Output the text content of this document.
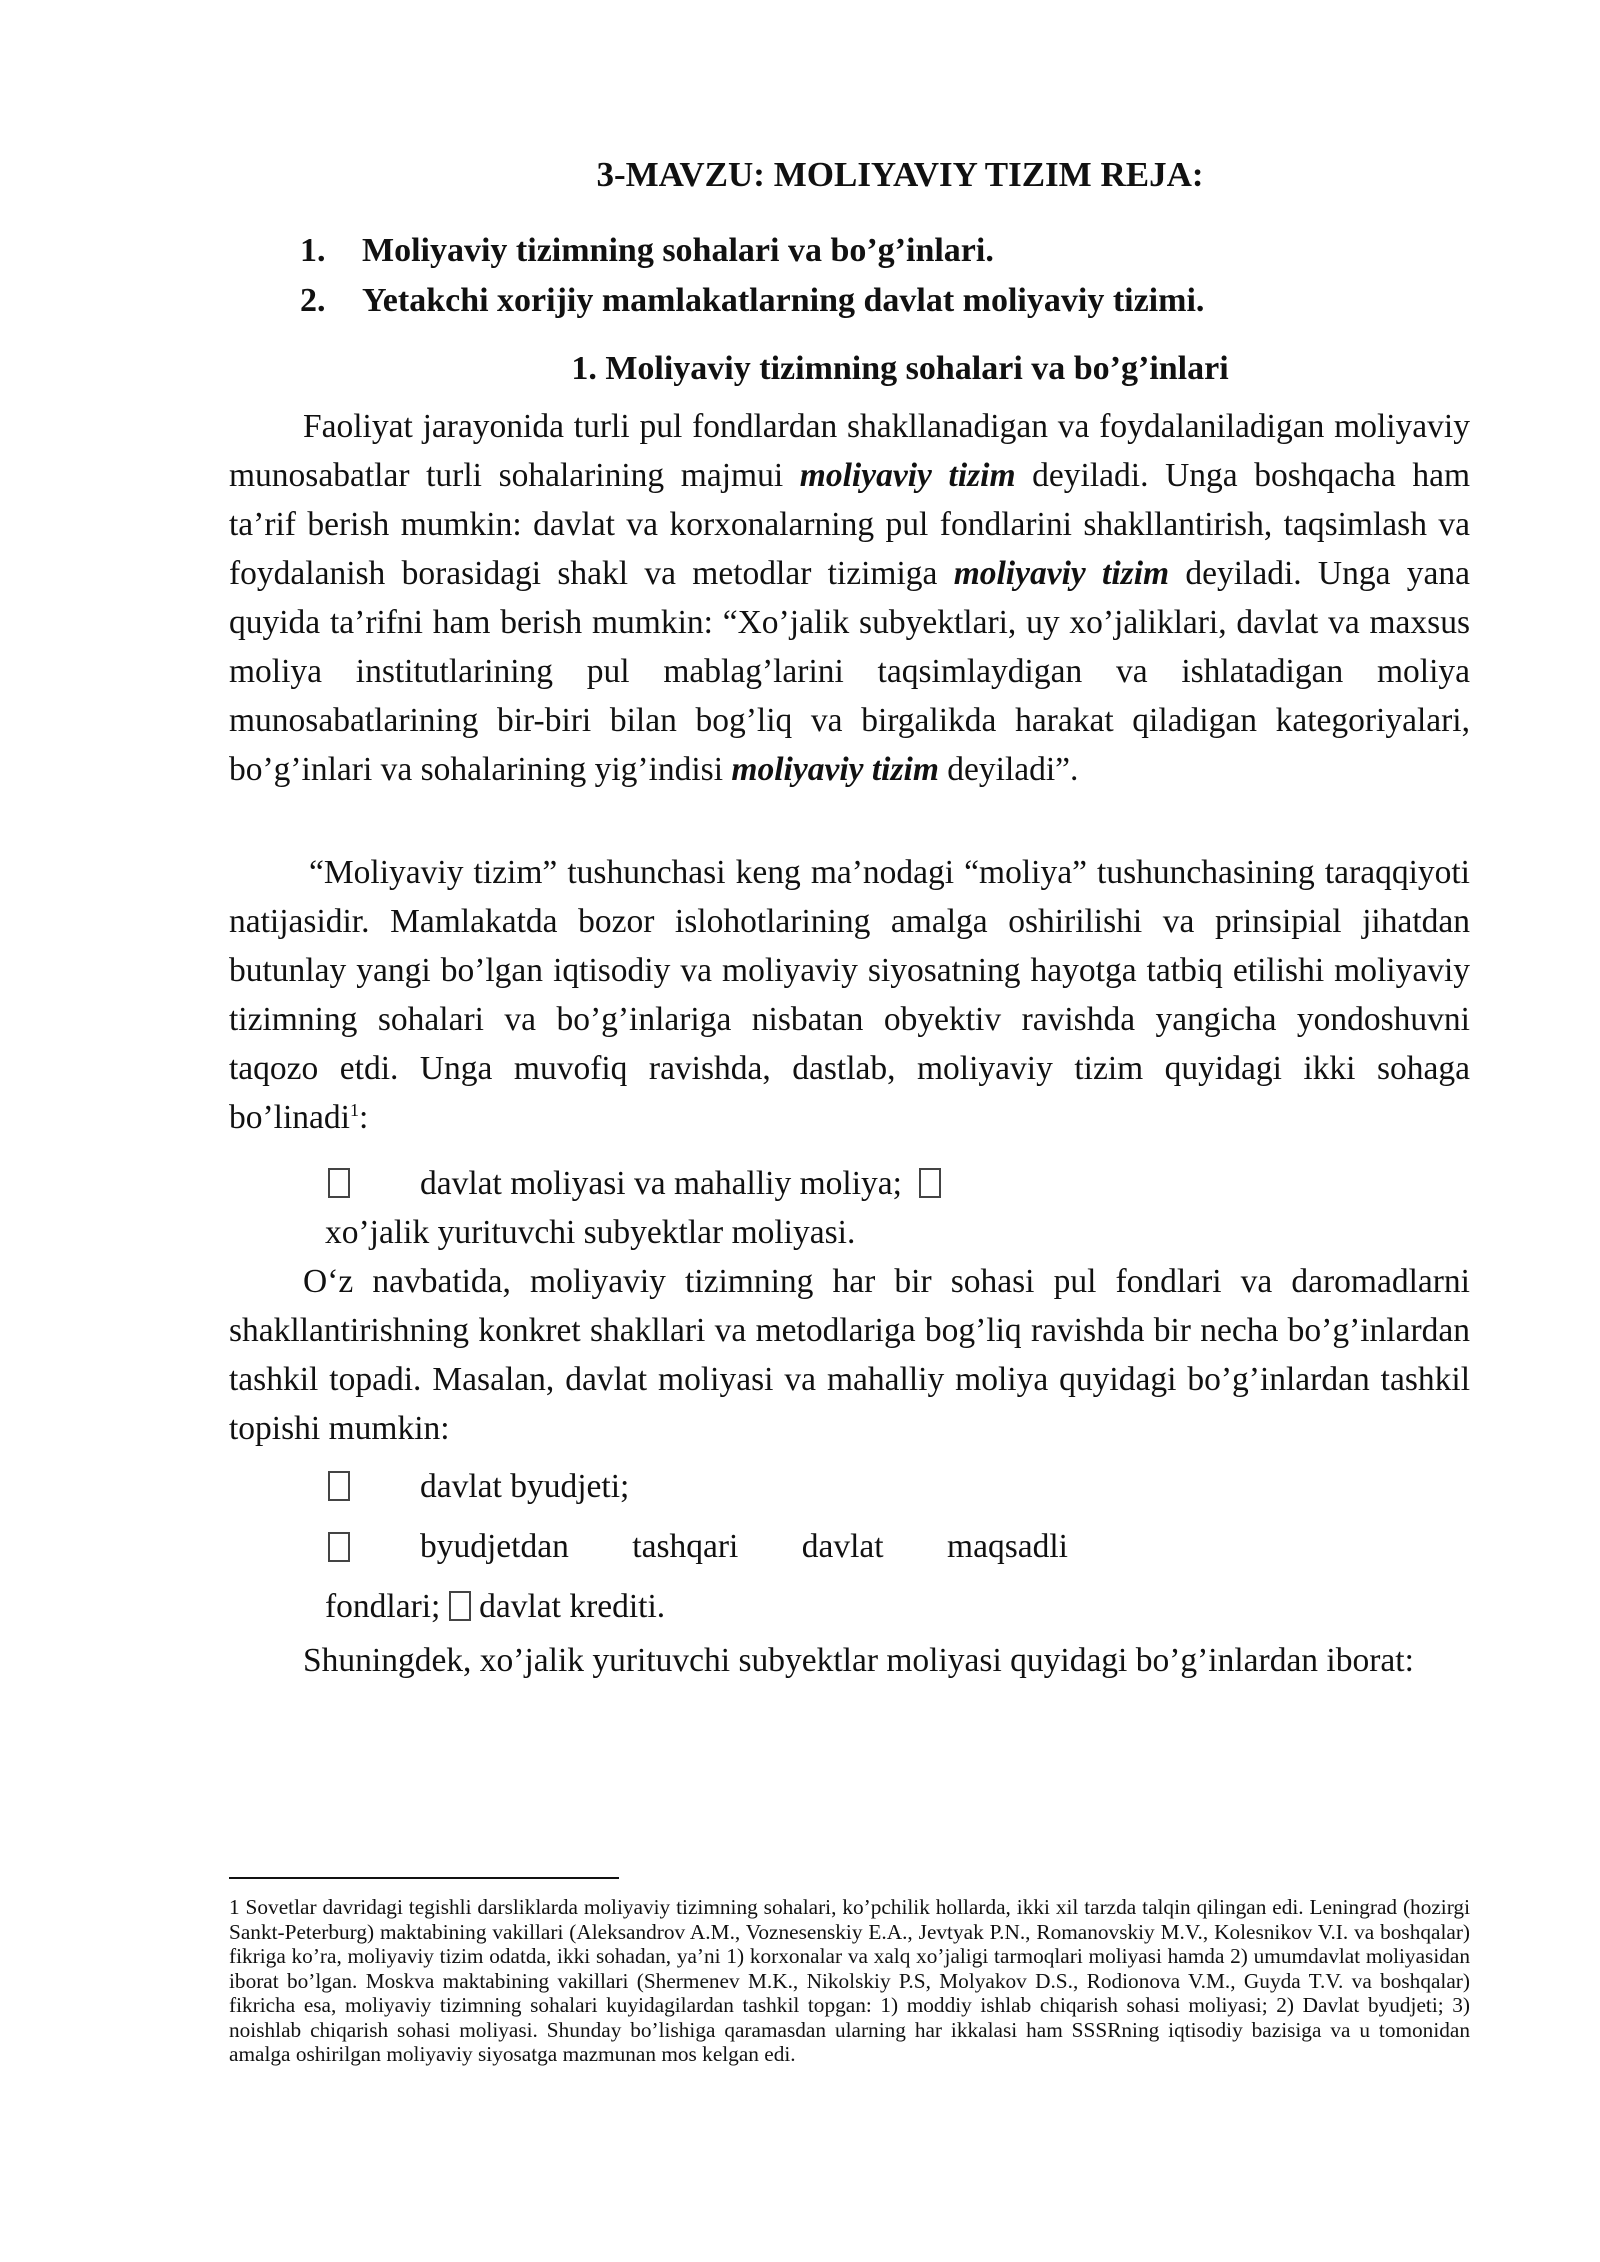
3-MAVZU: MOLIYAVIY TIZIM REJA:
1. Moliyaviy tizimning sohalari va bo’g’inlari.
2. Yetakchi xorijiy mamlakatlarning davlat moliyaviy tizimi.
1. Moliyaviy tizimning sohalari va bo’g’inlari

Faoliyat jarayonida turli pul fondlardan shakllanadigan va foydalaniladigan moliyaviy munosabatlar turli sohalarining majmui moliyaviy tizim deyiladi. Unga boshqacha ham ta’rif berish mumkin: davlat va korxonalarning pul fondlarini shakllantirish, taqsimlash va foydalanish borasidagi shakl va metodlar tizimiga moliyaviy tizim deyiladi. Unga yana quyida ta’rifni ham berish mumkin: “Xo’jalik subyektlari, uy xo’jaliklari, davlat va maxsus moliya institutlarining pul mablag’larini taqsimlaydigan va ishlatadigan moliya munosabatlarining bir-biri bilan bog’liq va birgalikda harakat qiladigan kategoriyalari, bo’g’inlari va sohalarining yig’indisi moliyaviy tizim deyiladi”.

“Moliyaviy tizim” tushunchasi keng ma’nodagi “moliya” tushunchasining taraqqiyoti natijasidir. Mamlakatda bozor islohotlarining amalga oshirilishi va prinsipial jihatdan butunlay yangi bo’lgan iqtisodiy va moliyaviy siyosatning hayotga tatbiq etilishi moliyaviy tizimning sohalari va bo’g’inlariga nisbatan obyektiv ravishda yangicha yondoshuvni taqozo etdi. Unga muvofiq ravishda, dastlab, moliyaviy tizim quyidagi ikki sohaga bo’linadi$^1$:

davlat moliyasi va mahalliy moliya;

xo’jalik yurituvchi subyektlar moliyasi.

O‘z navbatida, moliyaviy tizimning har bir sohasi pul fondlari va daromadlarni shakllantirishning konkret shakllari va metodlariga bog’liq ravishda bir necha bo’g’inlardan tashkil topadi. Masalan, davlat moliyasi va mahalliy moliya quyidagi bo’g’inlardan tashkil topishi mumkin:

davlat byudjeti;

byudjetdan tashqari davlat maqsadli

fondlari; davlat krediti.

Shuningdek, xo’jalik yurituvchi subyektlar moliyasi quyidagi bo’g’inlardan iborat:

1 Sovetlar davridagi tegishli darsliklarda moliyaviy tizimning sohalari, ko’pchilik hollarda, ikki xil tarzda talqin qilingan edi. Leningrad (hozirgi Sankt-Peterburg) maktabining vakillari (Aleksandrov A.M., Voznesenskiy E.A., Jevtyak P.N., Romanovskiy M.V., Kolesnikov V.I. va boshqalar) fikriga ko’ra, moliyaviy tizim odatda, ikki sohadan, ya’ni 1) korxonalar va xalq xo’jaligi tarmoqlari moliyasi hamda 2) umumdavlat moliyasidan iborat bo’lgan. Moskva maktabining vakillari (Shermenev M.K., Nikolskiy P.S, Molyakov D.S., Rodionova V.M., Guyda T.V. va boshqalar) fikricha esa, moliyaviy tizimning sohalari kuyidagilardan tashkil topgan: 1) moddiy ishlab chiqarish sohasi moliyasi; 2) Davlat byudjeti; 3) noishlab chiqarish sohasi moliyasi. Shunday bo’lishiga qaramasdan ularning har ikkalasi ham SSSRning iqtisodiy bazisiga va u tomonidan amalga oshirilgan moliyaviy siyosatga mazmunan mos kelgan edi.
